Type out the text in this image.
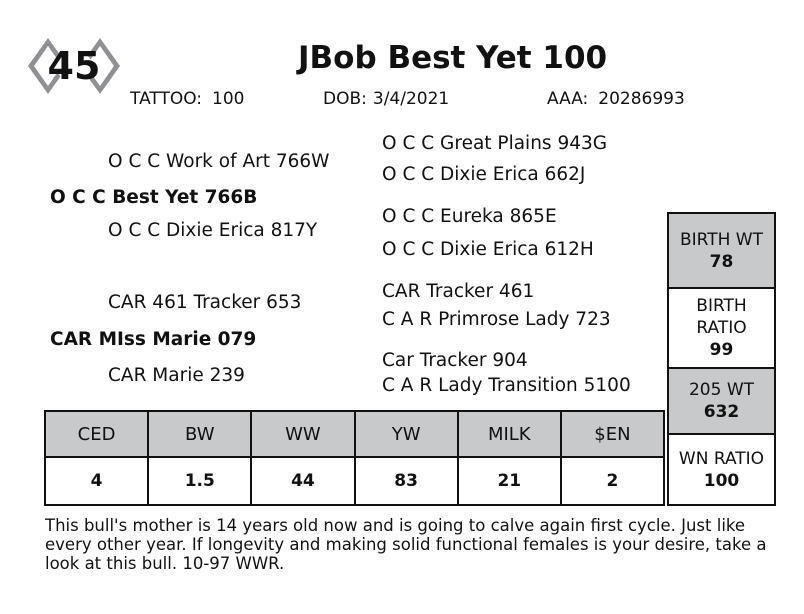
45	JBob Best Yet 100
TATTOO: 100	DOB: 3/4/2021	AAA: 20286993
O C C Great Plains 943G
O C C Work of Art 766W
O C C Dixie Erica 662J
O C C Best Yet 766B
O C C Eureka 865E
O C C Dixie Erica 817Y
O C C Dixie Erica 612H
CAR Tracker 461
CAR 461 Tracker 653
C A R Primrose Lady 723
CAR MIss Marie 079
Car Tracker 904
CAR Marie 239	C A R Lady Transition 5100
CED	BW	WW	YW	MILK	$EN
4	1.5	44	83	21	2
BIRTH WT
78
BIRTH
RATIO
99
205 WT
632
WN RATIO
100
This bull's mother is 14 years old now and is going to calve again first cycle. Just like every other year. If longevity and making solid functional females is your desire, take a look at this bull. 10-97 WWR.
